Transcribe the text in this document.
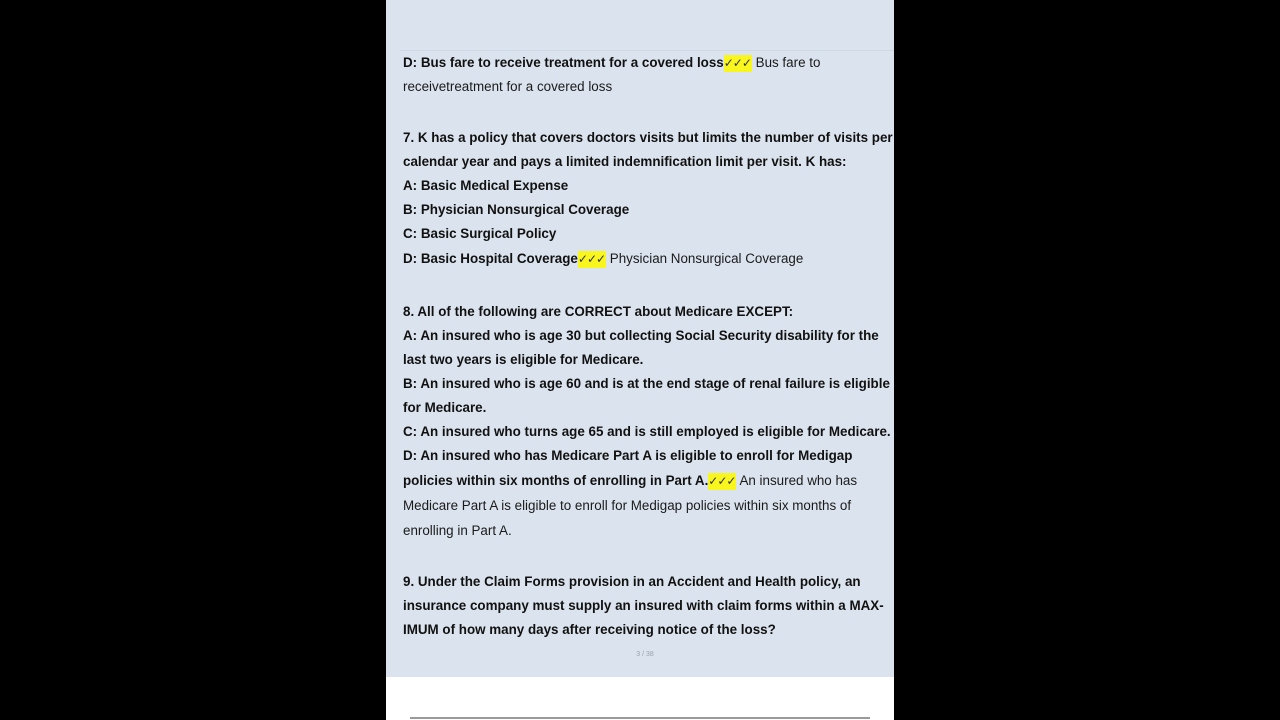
D: Bus fare to receive treatment for a covered loss✓✓✓ Bus fare to
receivetreatment for a covered loss
7. K has a policy that covers doctors visits but limits the number of visits per
calendar year and pays a limited indemnification limit per visit. K has:
A: Basic Medical Expense
B: Physician Nonsurgical Coverage
C: Basic Surgical Policy
D: Basic Hospital Coverage✓✓✓ Physician Nonsurgical Coverage
8. All of the following are CORRECT about Medicare EXCEPT:
A: An insured who is age 30 but collecting Social Security disability for the
last two years is eligible for Medicare.
B: An insured who is age 60 and is at the end stage of renal failure is eligible
for Medicare.
C: An insured who turns age 65 and is still employed is eligible for Medicare.
D: An insured who has Medicare Part A is eligible to enroll for Medigap
policies within six months of enrolling in Part A.✓✓✓ An insured who has
Medicare Part A is eligible to enroll for Medigap policies within six months of
enrolling in Part A.
9. Under the Claim Forms provision in an Accident and Health policy, an
insurance company must supply an insured with claim forms within a MAX-
IMUM of how many days after receiving notice of the loss?
3 / 38
